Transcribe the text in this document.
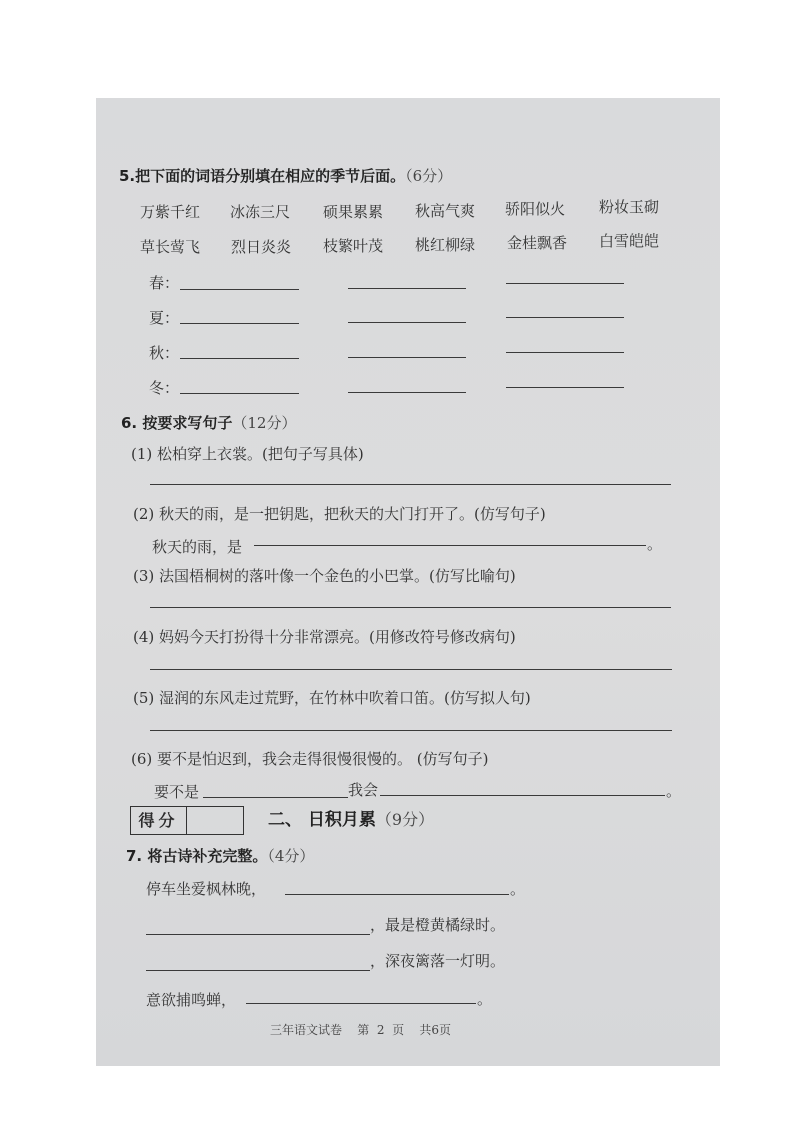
5.把下面的词语分别填在相应的季节后面。（6分）
万紫千红 冰冻三尺 硕果累累 秋高气爽 骄阳似火 粉妆玉砌
草长莺飞 烈日炎炎 枝繁叶茂 桃红柳绿 金桂飘香 白雪皑皑
春：
夏：
秋：
冬：
6. 按要求写句子（12分）
(1) 松柏穿上衣裳。(把句子写具体)
(2) 秋天的雨，是一把钥匙，把秋天的大门打开了。(仿写句子)
秋天的雨，是	。
(3) 法国梧桐树的落叶像一个金色的小巴掌。(仿写比喻句)
(4) 妈妈今天打扮得十分非常漂亮。(用修改符号修改病句)
(5) 湿润的东风走过荒野，在竹林中吹着口笛。(仿写拟人句)
(6) 要不是怕迟到，我会走得很慢很慢的。 (仿写句子)
要不是	我会	。
得分	二、 日积月累（9分）
7. 将古诗补充完整。（4分）
停车坐爱枫林晚，	。
，最是橙黄橘绿时。
，深夜篱落一灯明。
意欲捕鸣蝉，	。
三年语文试卷    第  2  页    共6页
